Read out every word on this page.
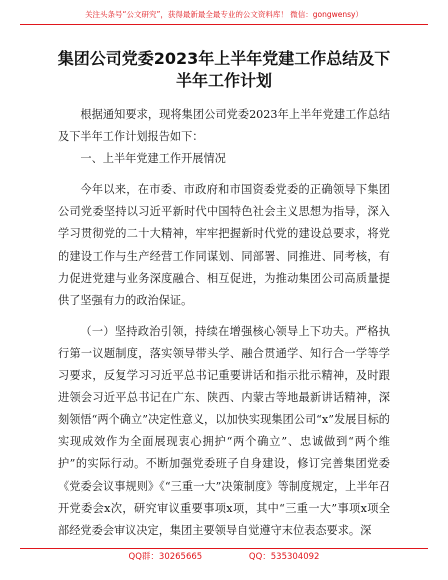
关注头条号“公文研究”，获得最新最全最专业的公文资料库！ 微信：gongwensy）
集团公司党委2023年上半年党建工作总结及下半年工作计划

根据通知要求，现将集团公司党委2023年上半年党建工作总结及下半年工作计划报告如下：

一、上半年党建工作开展情况

今年以来，在市委、市政府和市国资委党委的正确领导下集团公司党委坚持以习近平新时代中国特色社会主义思想为指导，深入学习贯彻党的二十大精神，牢牢把握新时代党的建设总要求，将党的建设工作与生产经营工作同谋划、同部署、同推进、同考核，有力促进党建与业务深度融合、相互促进，为推动集团公司高质量提供了坚强有力的政治保证。

（一）坚持政治引领，持续在增强核心领导上下功夫。严格执行第一议题制度，落实领导带头学、融合贯通学、知行合一学等学习要求，反复学习习近平总书记重要讲话和指示批示精神，及时跟进领会习近平总书记在广东、陕西、内蒙古等地最新讲话精神，深刻领悟“两个确立”决定性意义，以加快实现集团公司“x”发展目标的实现成效作为全面展现衷心拥护“两个确立”、忠诚做到“两个维护”的实际行动。不断加强党委班子自身建设，修订完善集团党委《党委会议事规则》《“三重一大”决策制度》等制度规定，上半年召开党委会x次，研究审议重要事项x项，其中“三重一大”事项x项全部经党委会审议决定，集团主要领导自觉遵守末位表态要求。深

QQ群：30265665	QQ：535304092
